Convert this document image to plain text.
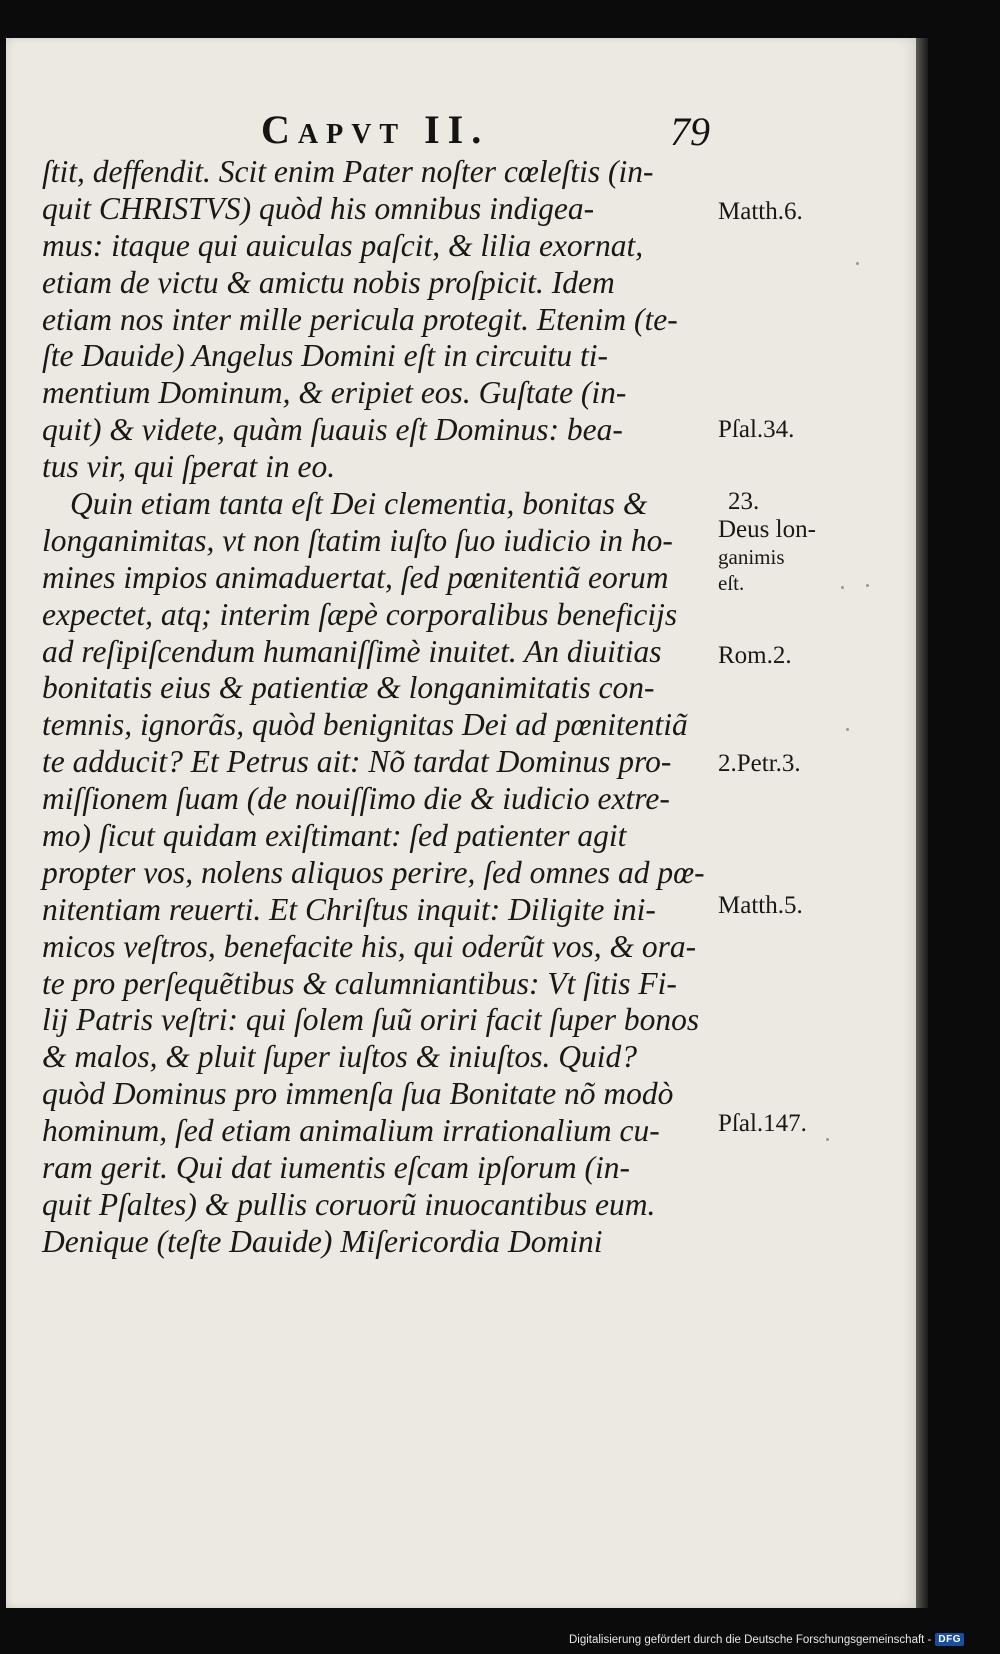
Capvt II.	79
ſtit, deffendit. Scit enim Pater noſter cœleſtis (in-
quit CHRISTVS) quòd his omnibus indigea-
mus: itaque qui auiculas paſcit, & lilia exornat,
etiam de victu & amictu nobis proſpicit. Idem
etiam nos inter mille pericula protegit. Etenim (te-
ſte Dauide) Angelus Domini eſt in circuitu ti-
mentium Dominum, & eripiet eos. Guſtate (in-
quit) & videte, quàm ſuauis eſt Dominus: bea-
tus vir, qui ſperat in eo.
Quin etiam tanta eſt Dei clementia, bonitas &
longanimitas, vt non ſtatim iuſto ſuo iudicio in ho-
mines impios animaduertat, ſed pœnitentiã eorum
expectet, atq; interim ſæpè corporalibus beneficijs
ad reſipiſcendum humaniſſimè inuitet. An diuitias
bonitatis eius & patientiæ & longanimitatis con-
temnis, ignorãs, quòd benignitas Dei ad pœnitentiã
te adducit? Et Petrus ait: Nõ tardat Dominus pro-
miſſionem ſuam (de nouiſſimo die & iudicio extre-
mo) ſicut quidam exiſtimant: ſed patienter agit
propter vos, nolens aliquos perire, ſed omnes ad pœ-
nitentiam reuerti. Et Chriſtus inquit: Diligite ini-
micos veſtros, benefacite his, qui oderũt vos, & ora-
te pro perſequẽtibus & calumniantibus: Vt ſitis Fi-
lij Patris veſtri: qui ſolem ſuũ oriri facit ſuper bonos
& malos, & pluit ſuper iuſtos & iniuſtos. Quid?
quòd Dominus pro immenſa ſua Bonitate nõ modò
hominum, ſed etiam animalium irrationalium cu-
ram gerit. Qui dat iumentis eſcam ipſorum (in-
quit Pſaltes) & pullis coruorũ inuocantibus eum.
Denique (teſte Dauide) Miſericordia Domini
Matth.6.
Pſal.34.
23.
Deus lon-
ganimis
eſt.
Rom.2.
2.Petr.3.
Matth.5.
Pſal.147.
Digitalisierung gefördert durch die Deutsche Forschungsgemeinschaft - DFG
